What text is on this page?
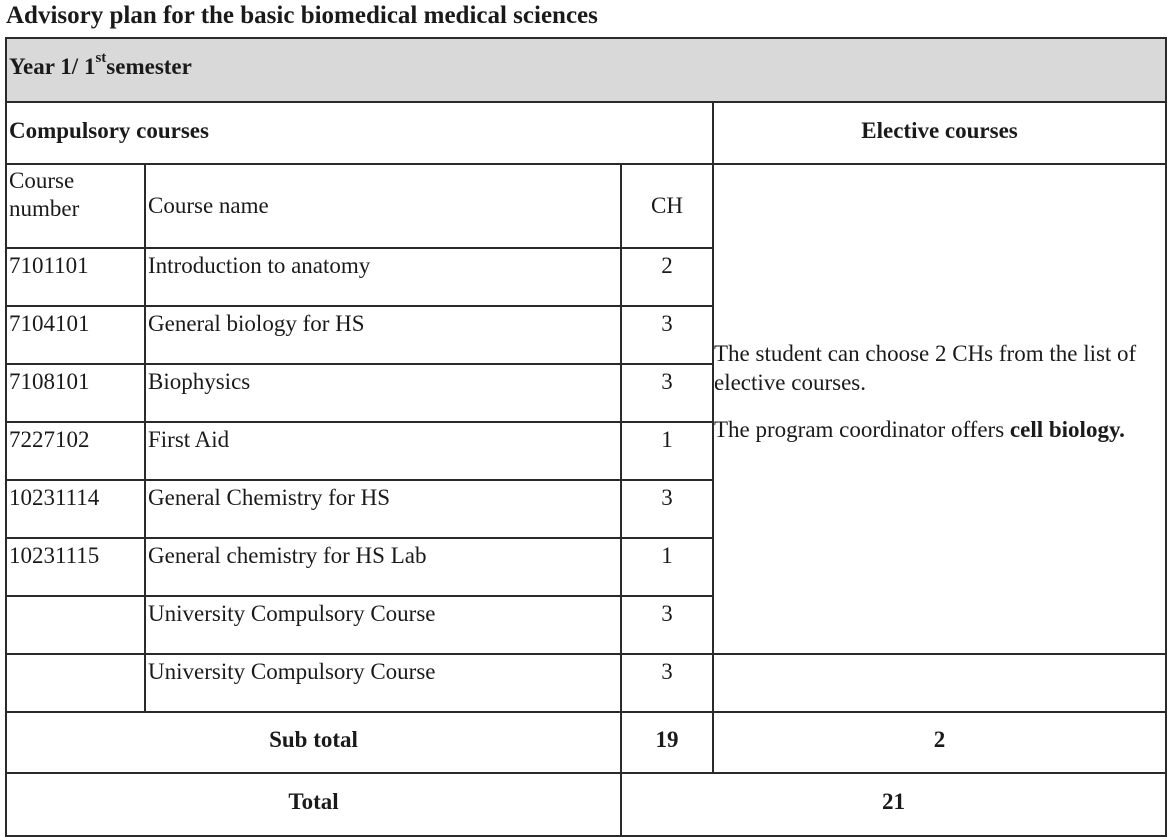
Advisory plan for the basic biomedical medical sciences
Year 1/ 1stsemester			
Compulsory courses			Elective courses
Course number	Course name	CH	The student can choose 2 CHs from the list of elective courses.

The program coordinator offers cell biology.

7101101	Introduction to anatomy	2	
7104101	General biology for HS	3	
7108101	Biophysics	3	
7227102	First Aid	1	
10231114	General Chemistry for HS	3	
10231115	General chemistry for HS Lab	1	
	University Compulsory Course	3	
	University Compulsory Course	3	
Sub total		19	2
Total		21	
